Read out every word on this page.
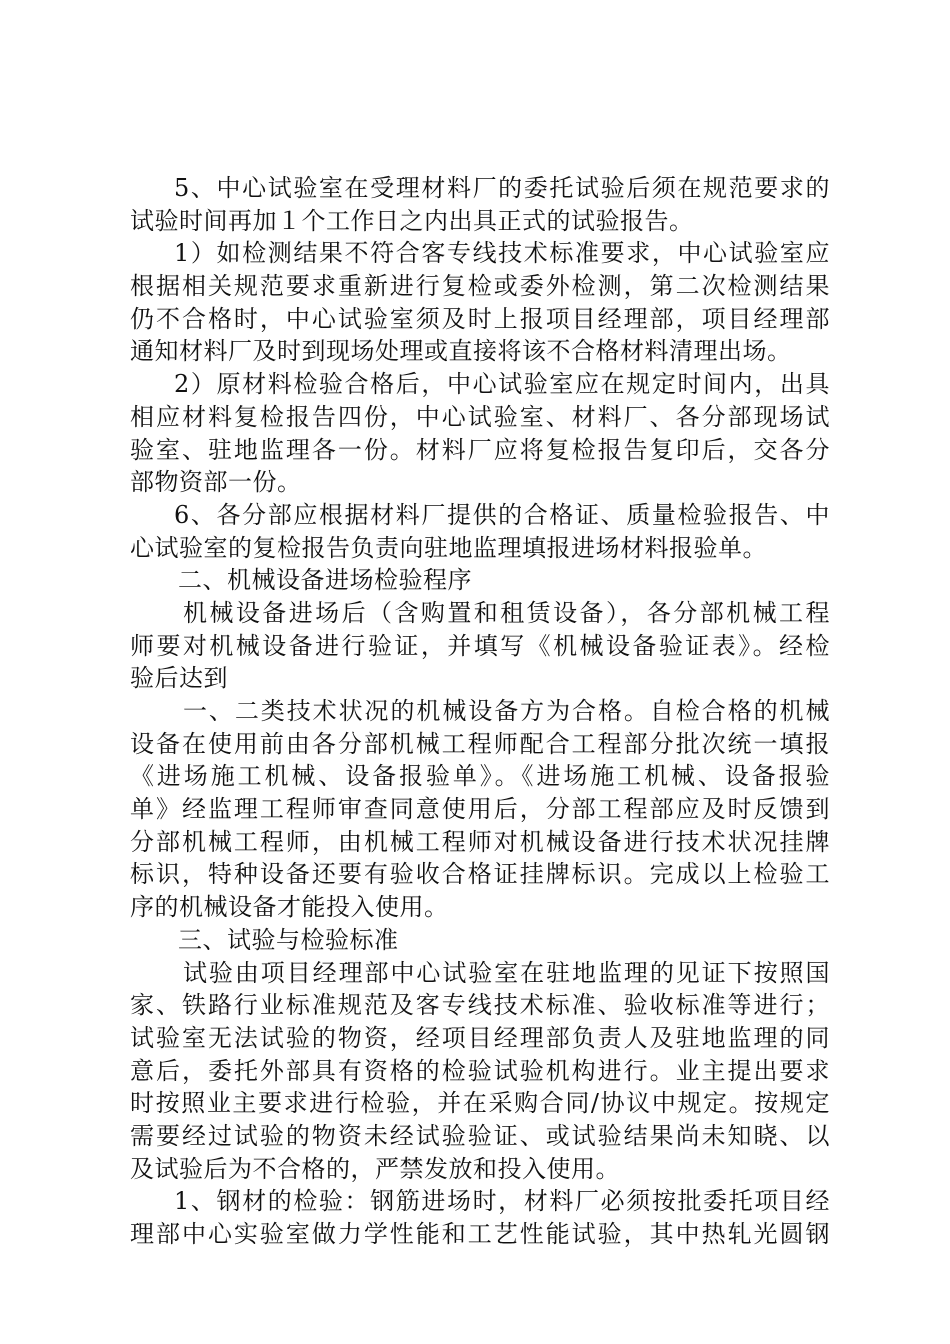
5、中心试验室在受理材料厂的委托试验后须在规范要求的
试验时间再加１个工作日之内出具正式的试验报告。
1）如检测结果不符合客专线技术标准要求，中心试验室应
根据相关规范要求重新进行复检或委外检测，第二次检测结果
仍不合格时，中心试验室须及时上报项目经理部，项目经理部
通知材料厂及时到现场处理或直接将该不合格材料清理出场。
2）原材料检验合格后，中心试验室应在规定时间内，出具
相应材料复检报告四份，中心试验室、材料厂、各分部现场试
验室、驻地监理各一份。材料厂应将复检报告复印后，交各分
部物资部一份。
6、各分部应根据材料厂提供的合格证、质量检验报告、中
心试验室的复检报告负责向驻地监理填报进场材料报验单。
二、机械设备进场检验程序
机械设备进场后（含购置和租赁设备），各分部机械工程
师要对机械设备进行验证，并填写《机械设备验证表》。经检
验后达到
一、二类技术状况的机械设备方为合格。自检合格的机械
设备在使用前由各分部机械工程师配合工程部分批次统一填报
《进场施工机械、设备报验单》。《进场施工机械、设备报验
单》经监理工程师审查同意使用后，分部工程部应及时反馈到
分部机械工程师，由机械工程师对机械设备进行技术状况挂牌
标识，特种设备还要有验收合格证挂牌标识。完成以上检验工
序的机械设备才能投入使用。
三、试验与检验标准
试验由项目经理部中心试验室在驻地监理的见证下按照国
家、铁路行业标准规范及客专线技术标准、验收标准等进行；
试验室无法试验的物资，经项目经理部负责人及驻地监理的同
意后，委托外部具有资格的检验试验机构进行。业主提出要求
时按照业主要求进行检验，并在采购合同/协议中规定。按规定
需要经过试验的物资未经试验验证、或试验结果尚未知晓、以
及试验后为不合格的，严禁发放和投入使用。
1、钢材的检验：钢筋进场时，材料厂必须按批委托项目经
理部中心实验室做力学性能和工艺性能试验，其中热轧光圆钢
